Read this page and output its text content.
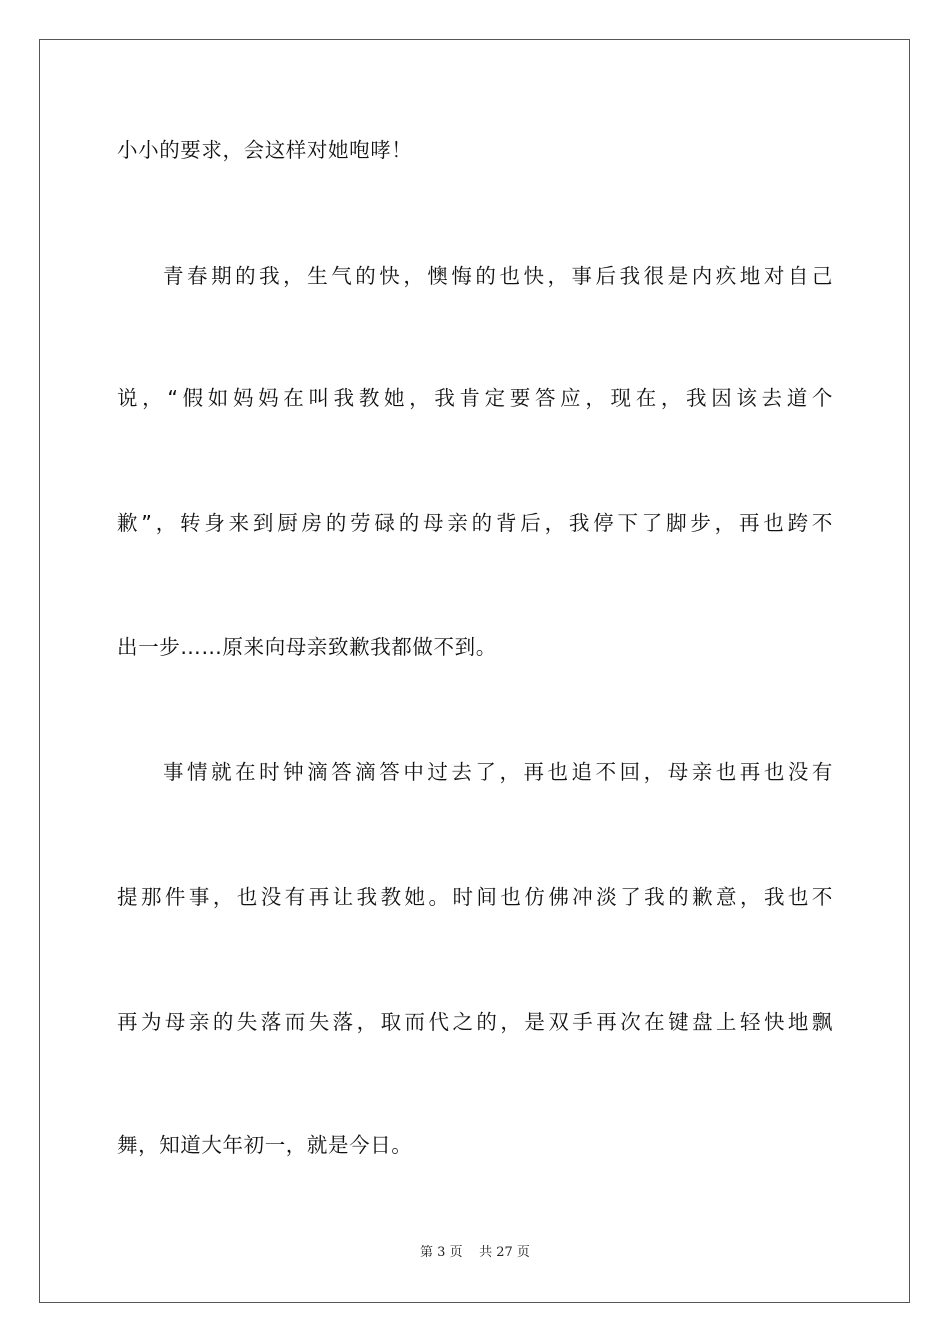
小小的要求，会这样对她咆哮！
青春期的我，生气的快，懊悔的也快，事后我很是内疚地对自己
说，“假如妈妈在叫我教她，我肯定要答应，现在，我因该去道个
歉”，转身来到厨房的劳碌的母亲的背后，我停下了脚步，再也跨不
出一步……原来向母亲致歉我都做不到。
事情就在时钟滴答滴答中过去了，再也追不回，母亲也再也没有
提那件事，也没有再让我教她。时间也仿佛冲淡了我的歉意，我也不
再为母亲的失落而失落，取而代之的，是双手再次在键盘上轻快地飘
舞，知道大年初一，就是今日。
第 3 页 共 27 页
